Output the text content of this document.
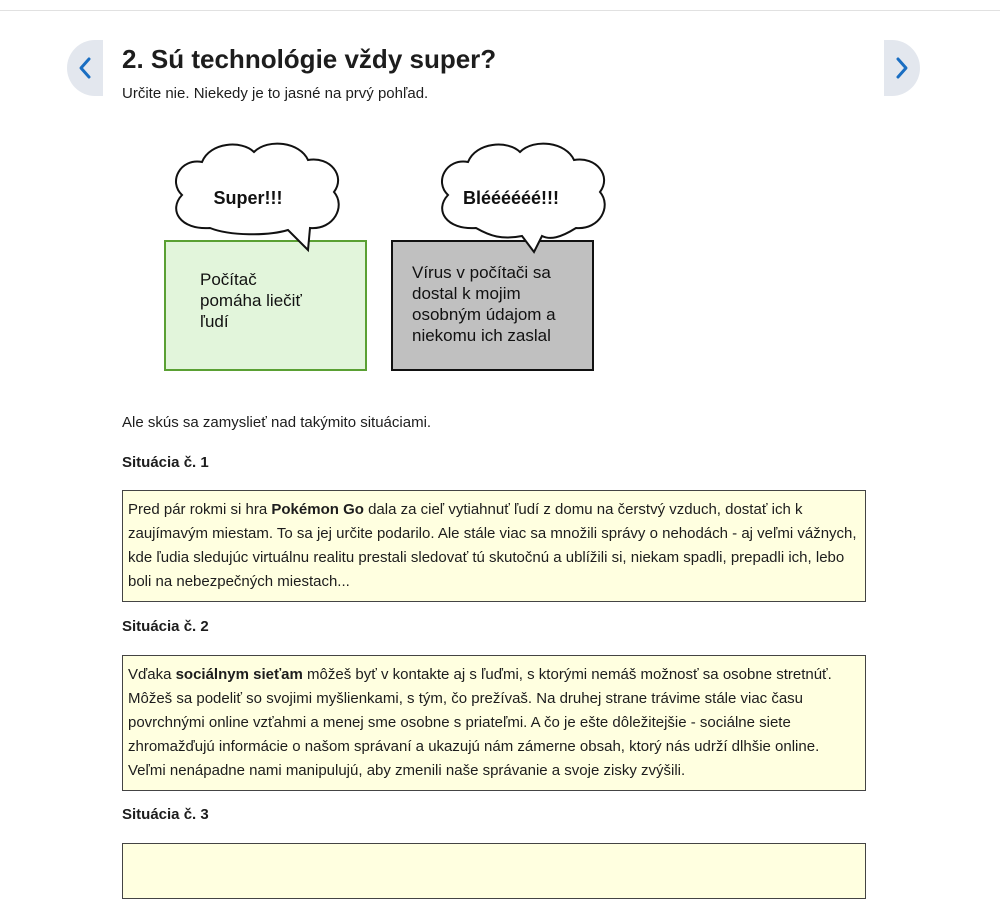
2. Sú technológie vždy super?

Určite nie. Niekedy je to jasné na prvý pohľad.

Super!!!
Počítač pomáha liečiť ľudí
Bléééééé!!!
Vírus v počítači sa dostal k mojim osobným údajom a niekomu ich zaslal

Ale skús sa zamyslieť nad takýmito situáciami.

Situácia č. 1

Pred pár rokmi si hra Pokémon Go dala za cieľ vytiahnuť ľudí z domu na čerstvý vzduch, dostať ich k zaujímavým miestam. To sa jej určite podarilo. Ale stále viac sa množili správy o nehodách - aj veľmi vážnych, kde ľudia sledujúc virtuálnu realitu prestali sledovať tú skutočnú a ublížili si, niekam spadli, prepadli ich, lebo boli na nebezpečných miestach...

Situácia č. 2

Vďaka sociálnym sieťam môžeš byť v kontakte aj s ľuďmi, s ktorými nemáš možnosť sa osobne stretnúť. Môžeš sa podeliť so svojimi myšlienkami, s tým, čo prežívaš. Na druhej strane trávime stále viac času povrchnými online vzťahmi a menej sme osobne s priateľmi. A čo je ešte dôležitejšie - sociálne siete zhromažďujú informácie o našom správaní a ukazujú nám zámerne obsah, ktorý nás udrží dlhšie online. Veľmi nenápadne nami manipulujú, aby zmenili naše správanie a svoje zisky zvýšili.

Situácia č. 3
